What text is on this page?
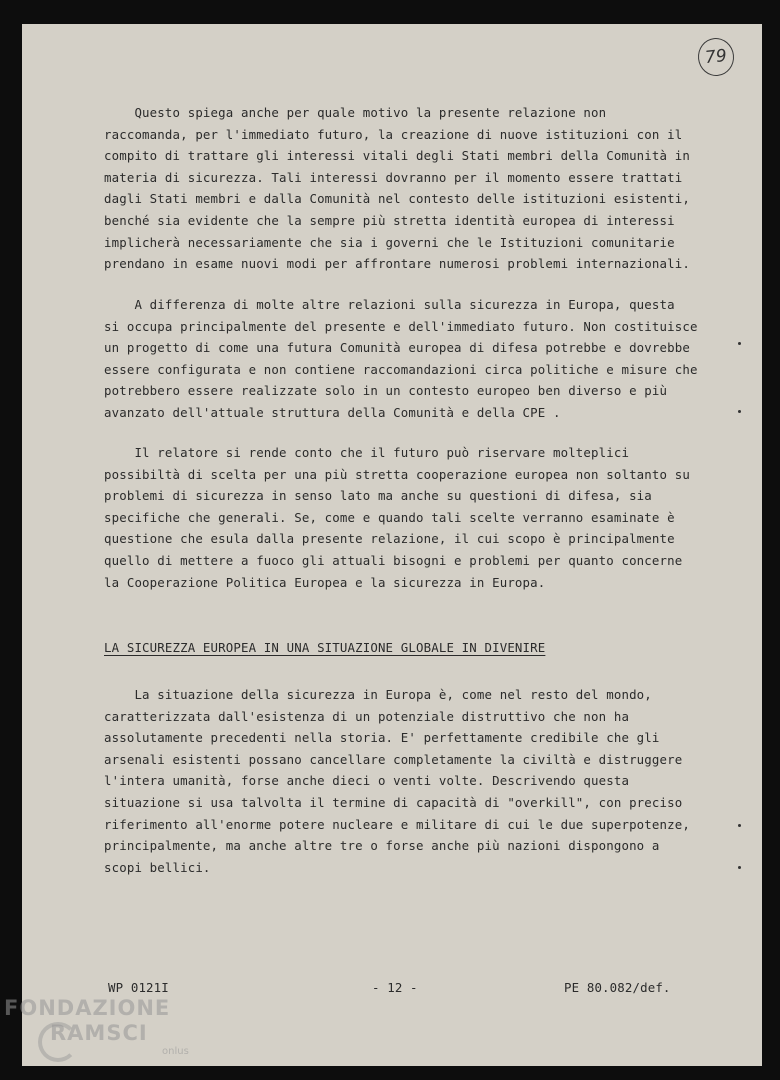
79
Questo spiega anche per quale motivo la presente relazione non
raccomanda, per l'immediato futuro, la creazione di nuove istituzioni con il
compito di trattare gli interessi vitali degli Stati membri della Comunità in
materia di sicurezza. Tali interessi dovranno per il momento essere trattati
dagli Stati membri e dalla Comunità nel contesto delle istituzioni esistenti,
benché sia evidente che la sempre più stretta identità europea di interessi
implicherà necessariamente che sia i governi che le Istituzioni comunitarie
prendano in esame nuovi modi per affrontare numerosi problemi internazionali.
A differenza di molte altre relazioni sulla sicurezza in Europa, questa
si occupa principalmente del presente e dell'immediato futuro. Non costituisce
un progetto di come una futura Comunità europea di difesa potrebbe e dovrebbe
essere configurata e non contiene raccomandazioni circa politiche e misure che
potrebbero essere realizzate solo in un contesto europeo ben diverso e più
avanzato dell'attuale struttura della Comunità e della CPE .
Il relatore si rende conto che il futuro può riservare molteplici
possibiltà di scelta per una più stretta cooperazione europea non soltanto su
problemi di sicurezza in senso lato ma anche su questioni di difesa, sia
specifiche che generali. Se, come e quando tali scelte verranno esaminate è
questione che esula dalla presente relazione, il cui scopo è principalmente
quello di mettere a fuoco gli attuali bisogni e problemi per quanto concerne
la Cooperazione Politica Europea e la sicurezza in Europa.
LA SICUREZZA EUROPEA IN UNA SITUAZIONE GLOBALE IN DIVENIRE
La situazione della sicurezza in Europa è, come nel resto del mondo,
caratterizzata dall'esistenza di un potenziale distruttivo che non ha
assolutamente precedenti nella storia. E' perfettamente credibile che gli
arsenali esistenti possano cancellare completamente la civiltà e distruggere
l'intera umanità, forse anche dieci o venti volte. Descrivendo questa
situazione si usa talvolta il termine di capacità di "overkill", con preciso
riferimento all'enorme potere nucleare e militare di cui le due superpotenze,
principalmente, ma anche altre tre o forse anche più nazioni dispongono a
scopi bellici.
WP 0121I	- 12 -	PE 80.082/def.
FONDAZIONE
RAMSCI
onlus
